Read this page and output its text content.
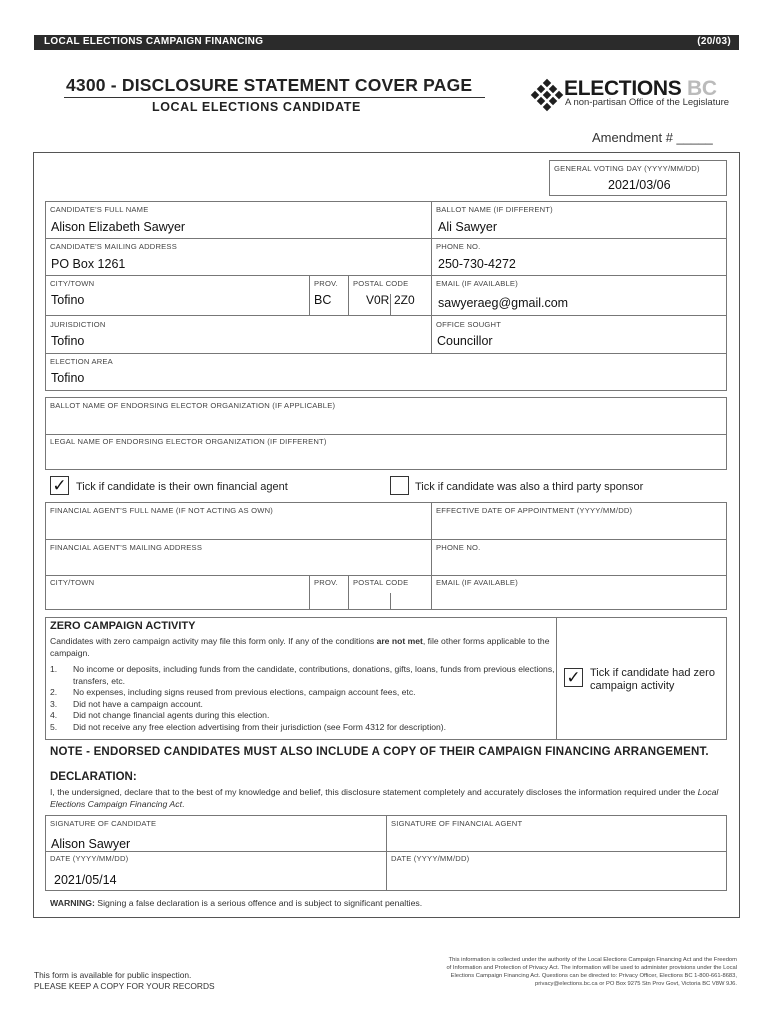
LOCAL ELECTIONS CAMPAIGN FINANCING	(20/03)
4300 - DISCLOSURE STATEMENT COVER PAGE
LOCAL ELECTIONS CANDIDATE
ELECTIONS BC
A non-partisan Office of the Legislature
Amendment # _____
GENERAL VOTING DAY (YYYY/MM/DD)
2021/03/06
CANDIDATE'S FULL NAME
Alison Elizabeth Sawyer
BALLOT NAME (IF DIFFERENT)
Ali Sawyer
CANDIDATE'S MAILING ADDRESS
PO Box 1261
PHONE NO.
250-730-4272
CITY/TOWN
Tofino
PROV.
BC
POSTAL CODE
V0R 2Z0
EMAIL (IF AVAILABLE)
sawyeraeg@gmail.com
JURISDICTION
Tofino
OFFICE SOUGHT
Councillor
ELECTION AREA
Tofino
BALLOT NAME OF ENDORSING ELECTOR ORGANIZATION (IF APPLICABLE)
LEGAL NAME OF ENDORSING ELECTOR ORGANIZATION (IF DIFFERENT)
✓ Tick if candidate is their own financial agent	Tick if candidate was also a third party sponsor
FINANCIAL AGENT'S FULL NAME (IF NOT ACTING AS OWN)	EFFECTIVE DATE OF APPOINTMENT (YYYY/MM/DD)
FINANCIAL AGENT'S MAILING ADDRESS	PHONE NO.
CITY/TOWN	PROV. POSTAL CODE	EMAIL (IF AVAILABLE)
ZERO CAMPAIGN ACTIVITY
Candidates with zero campaign activity may file this form only. If any of the conditions are not met, file other forms applicable to the campaign.
1. No income or deposits, including funds from the candidate, contributions, donations, gifts, loans, funds from previous elections, transfers, etc.
2. No expenses, including signs reused from previous elections, campaign account fees, etc.
3. Did not have a campaign account.
4. Did not change financial agents during this election.
5. Did not receive any free election advertising from their jurisdiction (see Form 4312 for description).
✓ Tick if candidate had zero campaign activity
NOTE - ENDORSED CANDIDATES MUST ALSO INCLUDE A COPY OF THEIR CAMPAIGN FINANCING ARRANGEMENT.
DECLARATION:
I, the undersigned, declare that to the best of my knowledge and belief, this disclosure statement completely and accurately discloses the information required under the Local Elections Campaign Financing Act.
SIGNATURE OF CANDIDATE
Alison Sawyer
SIGNATURE OF FINANCIAL AGENT
DATE (YYYY/MM/DD)
2021/05/14
DATE (YYYY/MM/DD)
WARNING: Signing a false declaration is a serious offence and is subject to significant penalties.
This form is available for public inspection.
PLEASE KEEP A COPY FOR YOUR RECORDS
This information is collected under the authority of the Local Elections Campaign Financing Act and the Freedom
of Information and Protection of Privacy Act. The information will be used to administer provisions under the Local
Elections Campaign Financing Act. Questions can be directed to: Privacy Officer, Elections BC 1-800-661-8683,
privacy@elections.bc.ca or PO Box 9275 Stn Prov Govt, Victoria BC V8W 9J6.
